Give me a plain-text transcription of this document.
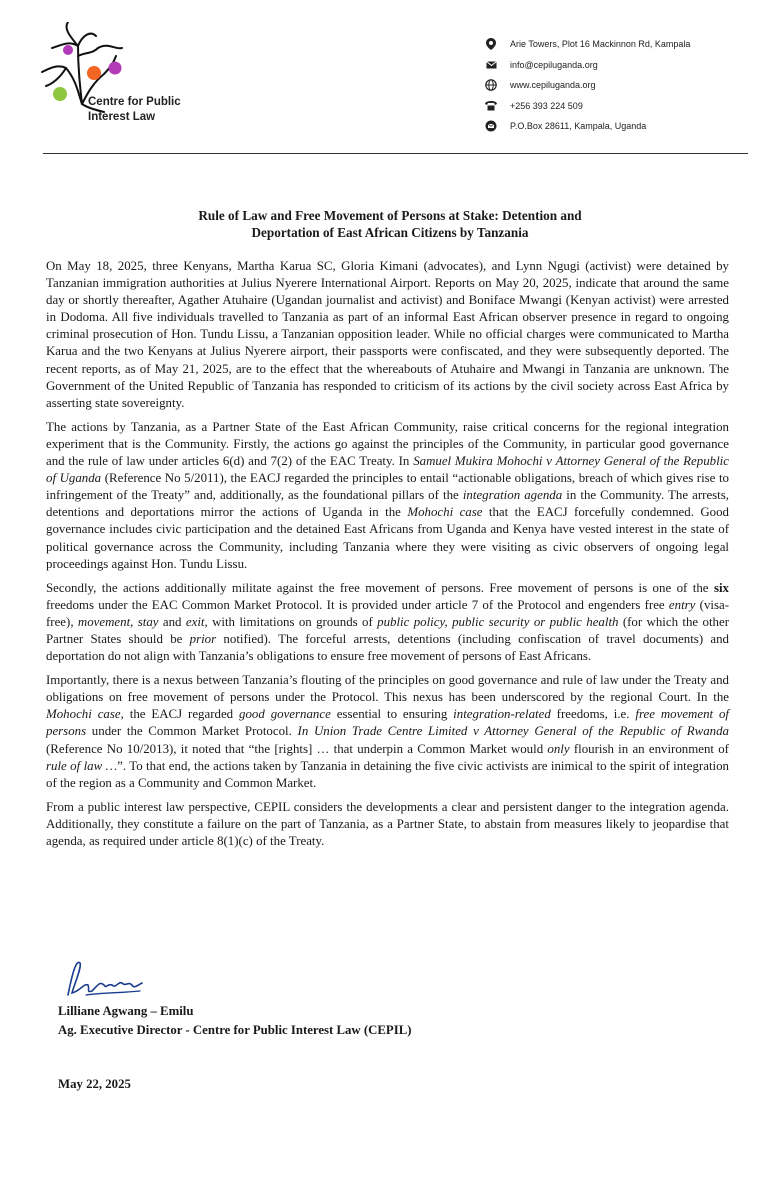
Centre for Public
Interest Law
Arie Towers, Plot 16 Mackinnon Rd, Kampala
info@cepiluganda.org
www.cepiluganda.org
+256 393 224 509
P.O.Box 28611, Kampala, Uganda
Rule of Law and Free Movement of Persons at Stake: Detention and
Deportation of East African Citizens by Tanzania

On May 18, 2025, three Kenyans, Martha Karua SC, Gloria Kimani (advocates), and Lynn Ngugi (activist) were detained by Tanzanian immigration authorities at Julius Nyerere International Airport. Reports on May 20, 2025, indicate that around the same day or shortly thereafter, Agather Atuhaire (Ugandan journalist and activist) and Boniface Mwangi (Kenyan activist) were arrested in Dodoma. All five individuals travelled to Tanzania as part of an informal East African observer presence in regard to ongoing criminal prosecution of Hon. Tundu Lissu, a Tanzanian opposition leader. While no official charges were communicated to Martha Karua and the two Kenyans at Julius Nyerere airport, their passports were confiscated, and they were subsequently deported. The recent reports, as of May 21, 2025, are to the effect that the whereabouts of Atuhaire and Mwangi in Tanzania are unknown. The Government of the United Republic of Tanzania has responded to criticism of its actions by the civil society across East Africa by asserting state sovereignty.

The actions by Tanzania, as a Partner State of the East African Community, raise critical concerns for the regional integration experiment that is the Community. Firstly, the actions go against the principles of the Community, in particular good governance and the rule of law under articles 6(d) and 7(2) of the EAC Treaty. In Samuel Mukira Mohochi v Attorney General of the Republic of Uganda (Reference No 5/2011), the EACJ regarded the principles to entail “actionable obligations, breach of which gives rise to infringement of the Treaty” and, additionally, as the foundational pillars of the integration agenda in the Community. The arrests, detentions and deportations mirror the actions of Uganda in the Mohochi case that the EACJ forcefully condemned. Good governance includes civic participation and the detained East Africans from Uganda and Kenya have vested interest in the state of political governance across the Community, including Tanzania where they were visiting as civic observers of ongoing legal proceedings against Hon. Tundu Lissu.

Secondly, the actions additionally militate against the free movement of persons. Free movement of persons is one of the six freedoms under the EAC Common Market Protocol. It is provided under article 7 of the Protocol and engenders free entry (visa-free), movement, stay and exit, with limitations on grounds of public policy, public security or public health (for which the other Partner States should be prior notified). The forceful arrests, detentions (including confiscation of travel documents) and deportation do not align with Tanzania’s obligations to ensure free movement of persons of East Africans.

Importantly, there is a nexus between Tanzania’s flouting of the principles on good governance and rule of law under the Treaty and obligations on free movement of persons under the Protocol. This nexus has been underscored by the regional Court. In the Mohochi case, the EACJ regarded good governance essential to ensuring integration-related freedoms, i.e. free movement of persons under the Common Market Protocol. In Union Trade Centre Limited v Attorney General of the Republic of Rwanda (Reference No 10/2013), it noted that “the [rights] … that underpin a Common Market would only flourish in an environment of rule of law …”. To that end, the actions taken by Tanzania in detaining the five civic activists are inimical to the spirit of integration of the region as a Community and Common Market.

From a public interest law perspective, CEPIL considers the developments a clear and persistent danger to the integration agenda. Additionally, they constitute a failure on the part of Tanzania, as a Partner State, to abstain from measures likely to jeopardise that agenda, as required under article 8(1)(c) of the Treaty.

Lilliane Agwang – Emilu
Ag. Executive Director - Centre for Public Interest Law (CEPIL)
May 22, 2025
